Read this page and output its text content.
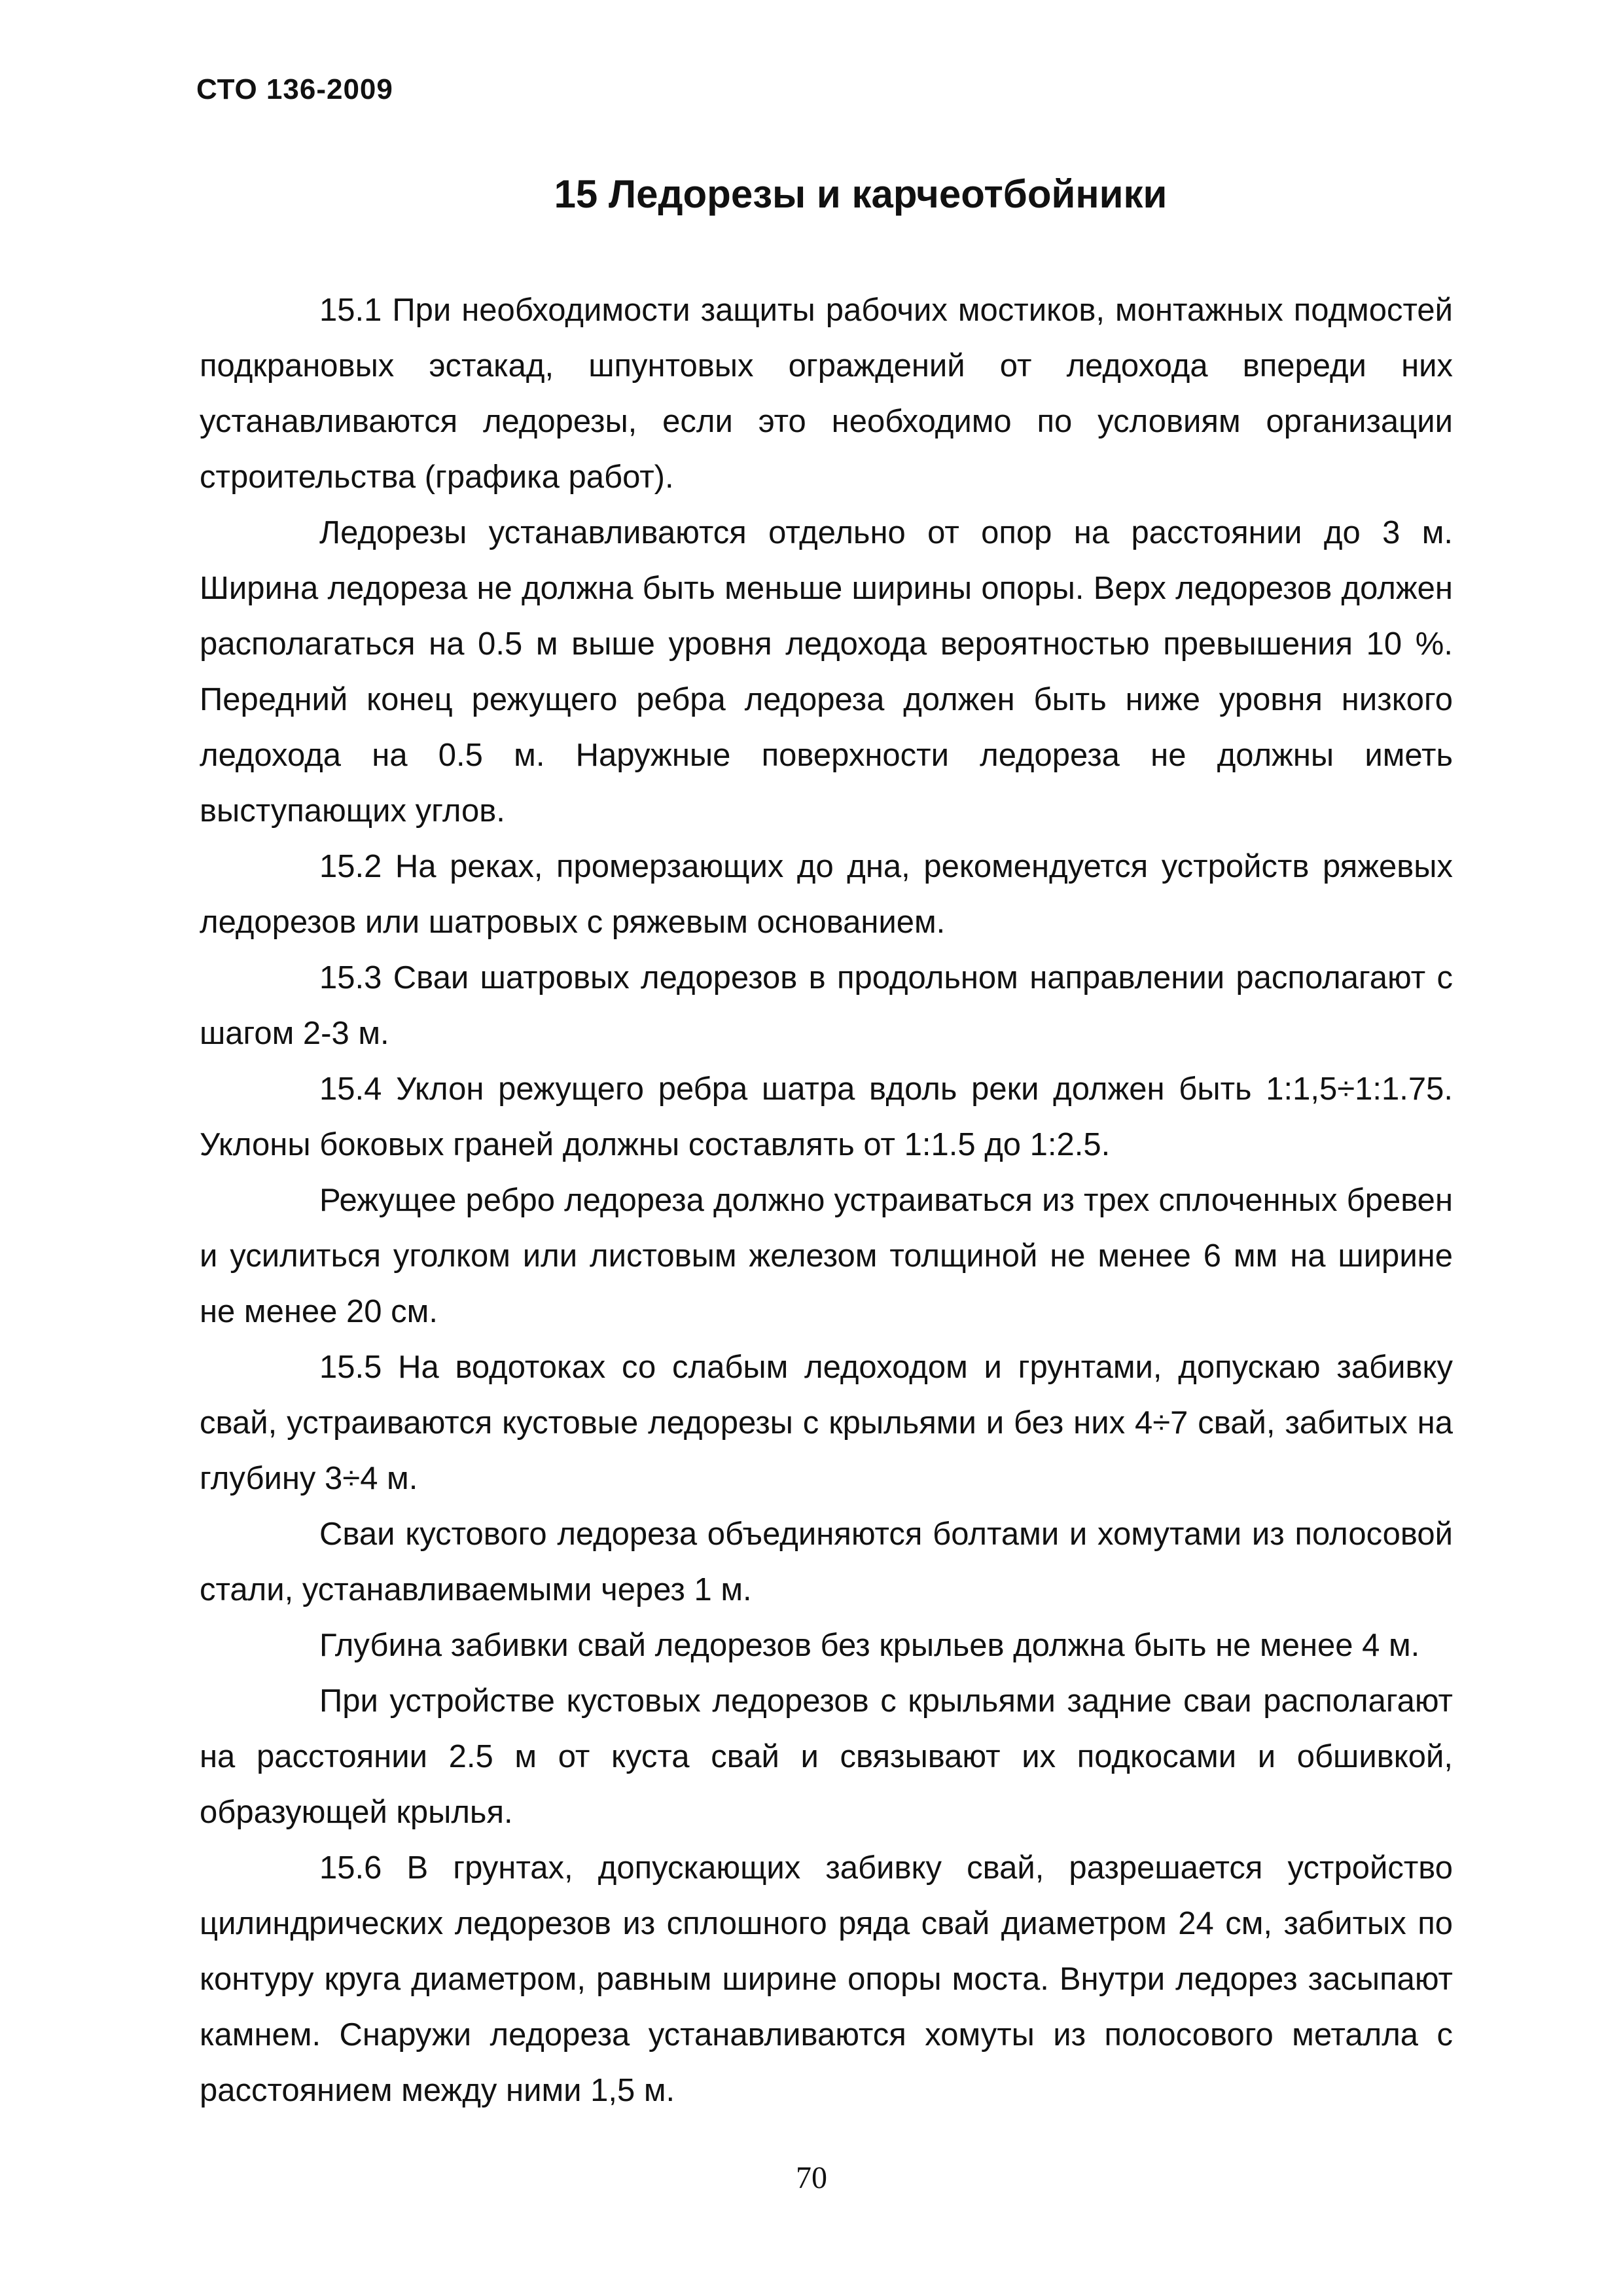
СТО 136-2009
15 Ледорезы и карчеотбойники

15.1 При необходимости защиты рабочих мостиков, монтажных подмостей подкрановых эстакад, шпунтовых ограждений от ледохода впереди них устанавливаются ледорезы, если это необходимо по условиям организации строительства (графика работ).

Ледорезы устанавливаются отдельно от опор на расстоянии до 3 м. Ширина ледореза не должна быть меньше ширины опоры. Верх ледорезов должен располагаться на 0.5 м выше уровня ледохода вероятностью превышения 10 %. Передний конец режущего ребра ледореза должен быть ниже уровня низкого ледохода на 0.5 м. Наружные поверхности ледореза не должны иметь выступающих углов.

15.2 На реках, промерзающих до дна, рекомендуется устройств ряжевых ледорезов или шатровых с ряжевым основанием.

15.3 Сваи шатровых ледорезов в продольном направлении располагают с шагом 2-3 м.

15.4 Уклон режущего ребра шатра вдоль реки должен быть 1:1,5÷1:1.75. Уклоны боковых граней должны составлять от 1:1.5 до 1:2.5.

Режущее ребро ледореза должно устраиваться из трех сплоченных бревен и усилиться уголком или листовым железом толщиной не менее 6 мм на ширине не менее 20 см.

15.5 На водотоках со слабым ледоходом и грунтами, допускаю забивку свай, устраиваются кустовые ледорезы с крыльями и без них 4÷7 свай, забитых на глубину 3÷4 м.

Сваи кустового ледореза объединяются болтами и хомутами из полосовой стали, устанавливаемыми через 1 м.

Глубина забивки свай ледорезов без крыльев должна быть не менее 4 м.

При устройстве кустовых ледорезов с крыльями задние сваи располагают на расстоянии 2.5 м от куста свай и связывают их подкосами и обшивкой, образующей крылья.

15.6 В грунтах, допускающих забивку свай, разрешается устройство цилиндрических ледорезов из сплошного ряда свай диаметром 24 см, забитых по контуру круга диаметром, равным ширине опоры моста. Внутри ледорез засыпают камнем. Снаружи ледореза устанавливаются хомуты из полосового металла с расстоянием между ними 1,5 м.

70
